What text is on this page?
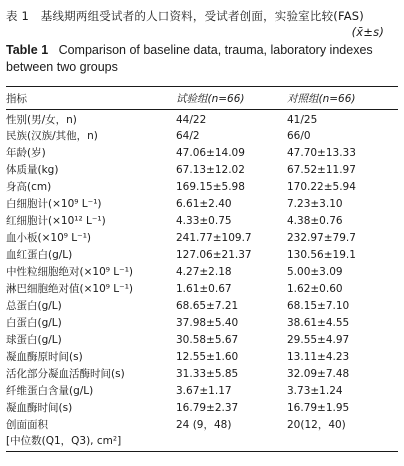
表 1　基线期两组受试者的人口资料，受试者创面，实验室比较(FAS)
(x̄±s)
Table 1 Comparison of baseline data, trauma, laboratory indexes between two groups
指标	试验组(n=66)	对照组(n=66)
性别(男/女，n)	44/22	41/25
民族(汉族/其他，n)	64/2	66/0
年龄(岁)	47.06±14.09	47.70±13.33
体质量(kg)	67.13±12.02	67.52±11.97
身高(cm)	169.15±5.98	170.22±5.94
白细胞计(×10⁹ L⁻¹)	6.61±2.40	7.23±3.10
红细胞计(×10¹² L⁻¹)	4.33±0.75	4.38±0.76
血小板(×10⁹ L⁻¹)	241.77±109.7	232.97±79.7
血红蛋白(g/L)	127.06±21.37	130.56±19.1
中性粒细胞绝对(×10⁹ L⁻¹)	4.27±2.18	5.00±3.09
淋巴细胞绝对值(×10⁹ L⁻¹)	1.61±0.67	1.62±0.60
总蛋白(g/L)	68.65±7.21	68.15±7.10
白蛋白(g/L)	37.98±5.40	38.61±4.55
球蛋白(g/L)	30.58±5.67	29.55±4.97
凝血酶原时间(s)	12.55±1.60	13.11±4.23
活化部分凝血活酶时间(s)	31.33±5.85	32.09±7.48
纤维蛋白含量(g/L)	3.67±1.17	3.73±1.24
凝血酶时间(s)	16.79±2.37	16.79±1.95
创面面积	24 (9，48)	20(12，40)
[中位数(Q1，Q3), cm²]
